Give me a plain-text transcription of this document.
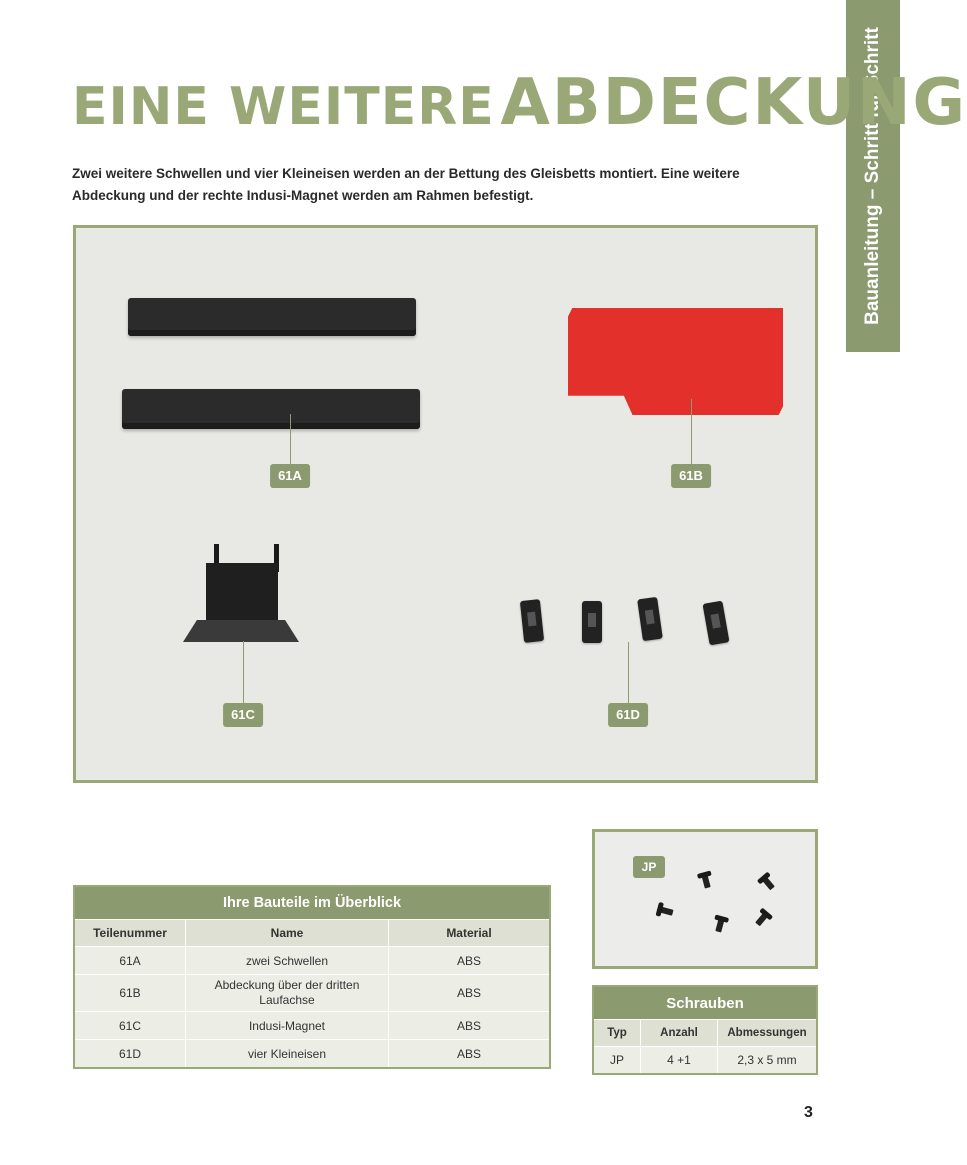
Bauanleitung – Schritt für Schritt
EINE WEITERE ABDECKUNG
Zwei weitere Schwellen und vier Kleineisen werden an der Bettung des Gleisbetts montiert. Eine weitere Abdeckung und der rechte Indusi-Magnet werden am Rahmen befestigt.
61A	61B
61C	61D
Ihre Bauteile im Überblick		
Teilenummer	Name	Material
61A	zwei Schwellen	ABS
61B	Abdeckung über der dritten Laufachse	ABS
61C	Indusi-Magnet	ABS
61D	vier Kleineisen	ABS
JP
Schrauben		
Typ	Anzahl	Abmessungen
JP	4 +1	2,3 x 5 mm
3
